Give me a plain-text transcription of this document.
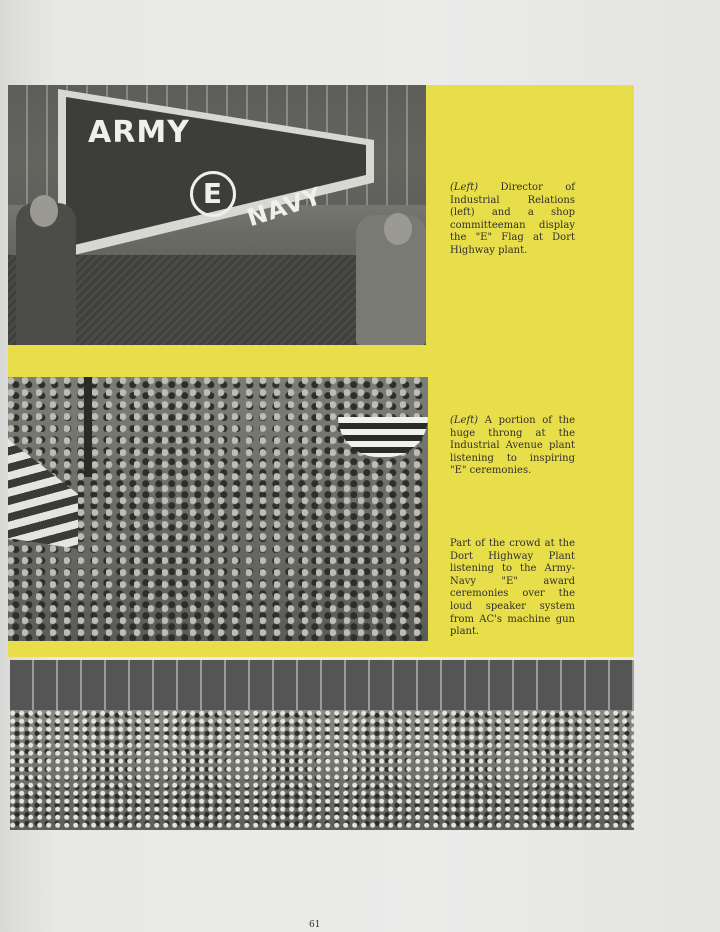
ARMY
E NAVY	(Left) Director of Industrial Relations (left) and a shop committeeman display the "E" Flag at Dort Highway plant.
(Left) A portion of the huge throng at the Industrial Avenue plant listening to inspiring "E" ceremonies.
Part of the crowd at the Dort Highway Plant listening to the Army-Navy "E" award ceremonies over the loud speaker system from AC's machine gun plant.
61
